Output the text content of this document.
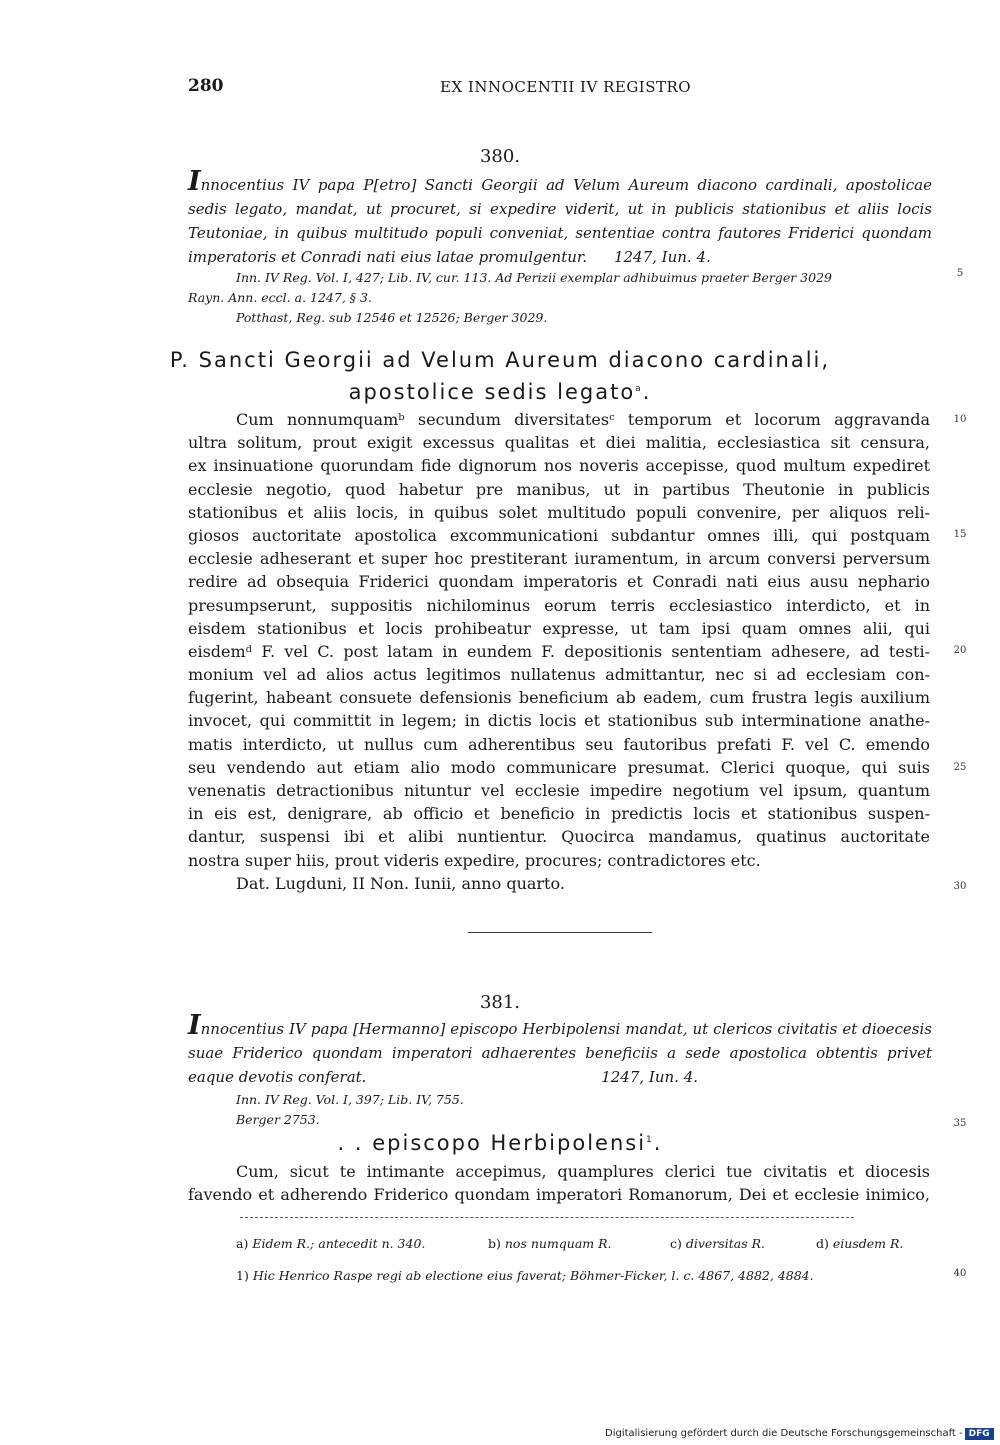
280	EX INNOCENTII IV REGISTRO
380.
Innocentius IV papa P[etro] Sancti Georgii ad Velum Aureum diacono cardinali, apostolicae sedis legato, mandat, ut procuret, si expedire viderit, ut in publicis stationibus et aliis locis Teutoniae, in quibus multitudo populi conveniat, sententiae contra fautores Friderici quondam imperatoris et Conradi nati eius latae promulgentur. 1247, Iun. 4.
Inn. IV Reg. Vol. I, 427; Lib. IV, cur. 113. Ad Perizii exemplar adhibuimus praeter Berger 3029
Rayn. Ann. eccl. a. 1247, § 3.
Potthast, Reg. sub 12546 et 12526; Berger 3029.
P. Sancti Georgii ad Velum Aureum diacono cardinali,
apostolice sedis legato$^a$.
Cum nonnumquamᵇ secundum diversitatesᶜ temporum et locorum aggravanda
ultra solitum, prout exigit excessus qualitas et diei malitia, ecclesiastica sit censura,
ex insinuatione quorundam fide dignorum nos noveris accepisse, quod multum expediret
ecclesie negotio, quod habetur pre manibus, ut in partibus Theutonie in publicis
stationibus et aliis locis, in quibus solet multitudo populi convenire, per aliquos reli-
giosos auctoritate apostolica excommunicationi subdantur omnes illi, qui postquam
ecclesie adheserant et super hoc prestiterant iuramentum, in arcum conversi perversum
redire ad obsequia Friderici quondam imperatoris et Conradi nati eius ausu nephario
presumpserunt, suppositis nichilominus eorum terris ecclesiastico interdicto, et in
eisdem stationibus et locis prohibeatur expresse, ut tam ipsi quam omnes alii, qui
eisdemᵈ F. vel C. post latam in eundem F. depositionis sententiam adhesere, ad testi-
monium vel ad alios actus legitimos nullatenus admittantur, nec si ad ecclesiam con-
fugerint, habeant consuete defensionis beneficium ab eadem, cum frustra legis auxilium
invocet, qui committit in legem; in dictis locis et stationibus sub interminatione anathe-
matis interdicto, ut nullus cum adherentibus seu fautoribus prefati F. vel C. emendo
seu vendendo aut etiam alio modo communicare presumat. Clerici quoque, qui suis
venenatis detractionibus nituntur vel ecclesie impedire negotium vel ipsum, quantum
in eis est, denigrare, ab officio et beneficio in predictis locis et stationibus suspen-
dantur, suspensi ibi et alibi nuntientur. Quocirca mandamus, quatinus auctoritate
nostra super hiis, prout videris expedire, procures; contradictores etc.
Dat. Lugduni, II Non. Iunii, anno quarto.
5
10
15
20
25
30
35
40
381.
Innocentius IV papa [Hermanno] episcopo Herbipolensi mandat, ut clericos civitatis et dioecesis suae Friderico quondam imperatori adhaerentes beneficiis a sede apostolica obtentis privet eaque devotis conferat.	1247, Iun. 4.
Inn. IV Reg. Vol. I, 397; Lib. IV, 755.
Berger 2753.
. . episcopo Herbipolensi$^1$.
Cum, sicut te intimante accepimus, quamplures clerici tue civitatis et diocesis
favendo et adherendo Friderico quondam imperatori Romanorum, Dei et ecclesie inimico,
a) Eidem R.; antecedit n. 340.	b) nos numquam R.	c) diversitas R.	d) eiusdem R.
1) Hic Henrico Raspe regi ab electione eius faverat; Böhmer-Ficker, l. c. 4867, 4882, 4884.
Digitalisierung gefördert durch die Deutsche Forschungsgemeinschaft - DFG
